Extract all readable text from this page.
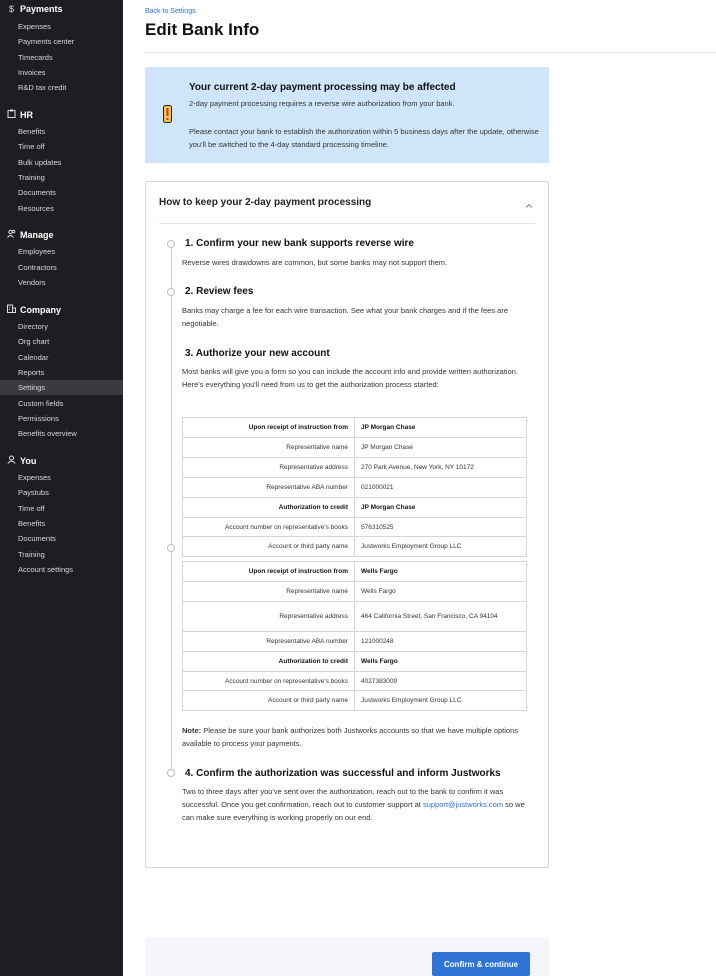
$ Payments
Expenses
Payments center
Timecards
Invoices
R&D tax credit
HR
Benefits
Time off
Bulk updates
Training
Documents
Resources
Manage
Employees
Contractors
Vendors
Company
Directory
Org chart
Calendar
Reports
Settings
Custom fields
Permissions
Benefits overview
You
Expenses
Paystubs
Time off
Benefits
Documents
Training
Account settings
Back to Settings
Edit Bank Info
Your current 2-day payment processing may be affected
2-day payment processing requires a reverse wire authorization from your bank.
Please contact your bank to establish the authorization within 5 business days after the update, otherwise you'll be switched to the 4-day standard processing timeline.
How to keep your 2-day payment processing
1. Confirm your new bank supports reverse wire
Reverse wires drawdowns are common, but some banks may not support them.
2. Review fees
Banks may charge a fee for each wire transaction. See what your bank charges and if the fees are negotiable.
3. Authorize your new account
Most banks will give you a form so you can include the account info and provide written authorization. Here's everything you'll need from us to get the authorization process started:
Upon receipt of instruction from	JP Morgan Chase
Representative name	JP Morgan Chase
Representative address	270 Park Avenue, New York, NY 10172
Representative ABA number	021000021
Authorization to credit	JP Morgan Chase
Account number on representative's books	576310525
Account or third party name	Justworks Employment Group LLC
Upon receipt of instruction from	Wells Fargo
Representative name	Wells Fargo
Representative address	464 California Street, San Francisco, CA 94104
Representative ABA number	121000248
Authorization to credit	Wells Fargo
Account number on representative's books	4027383009
Account or third party name	Justworks Employment Group LLC
Note: Please be sure your bank authorizes both Justworks accounts so that we have multiple options available to process your payments.
4. Confirm the authorization was successful and inform Justworks
Two to three days after you've sent over the authorization, reach out to the bank to confirm it was successful. Once you get confirmation, reach out to customer support at support@justworks.com so we can make sure everything is working properly on our end.
Confirm & continue
